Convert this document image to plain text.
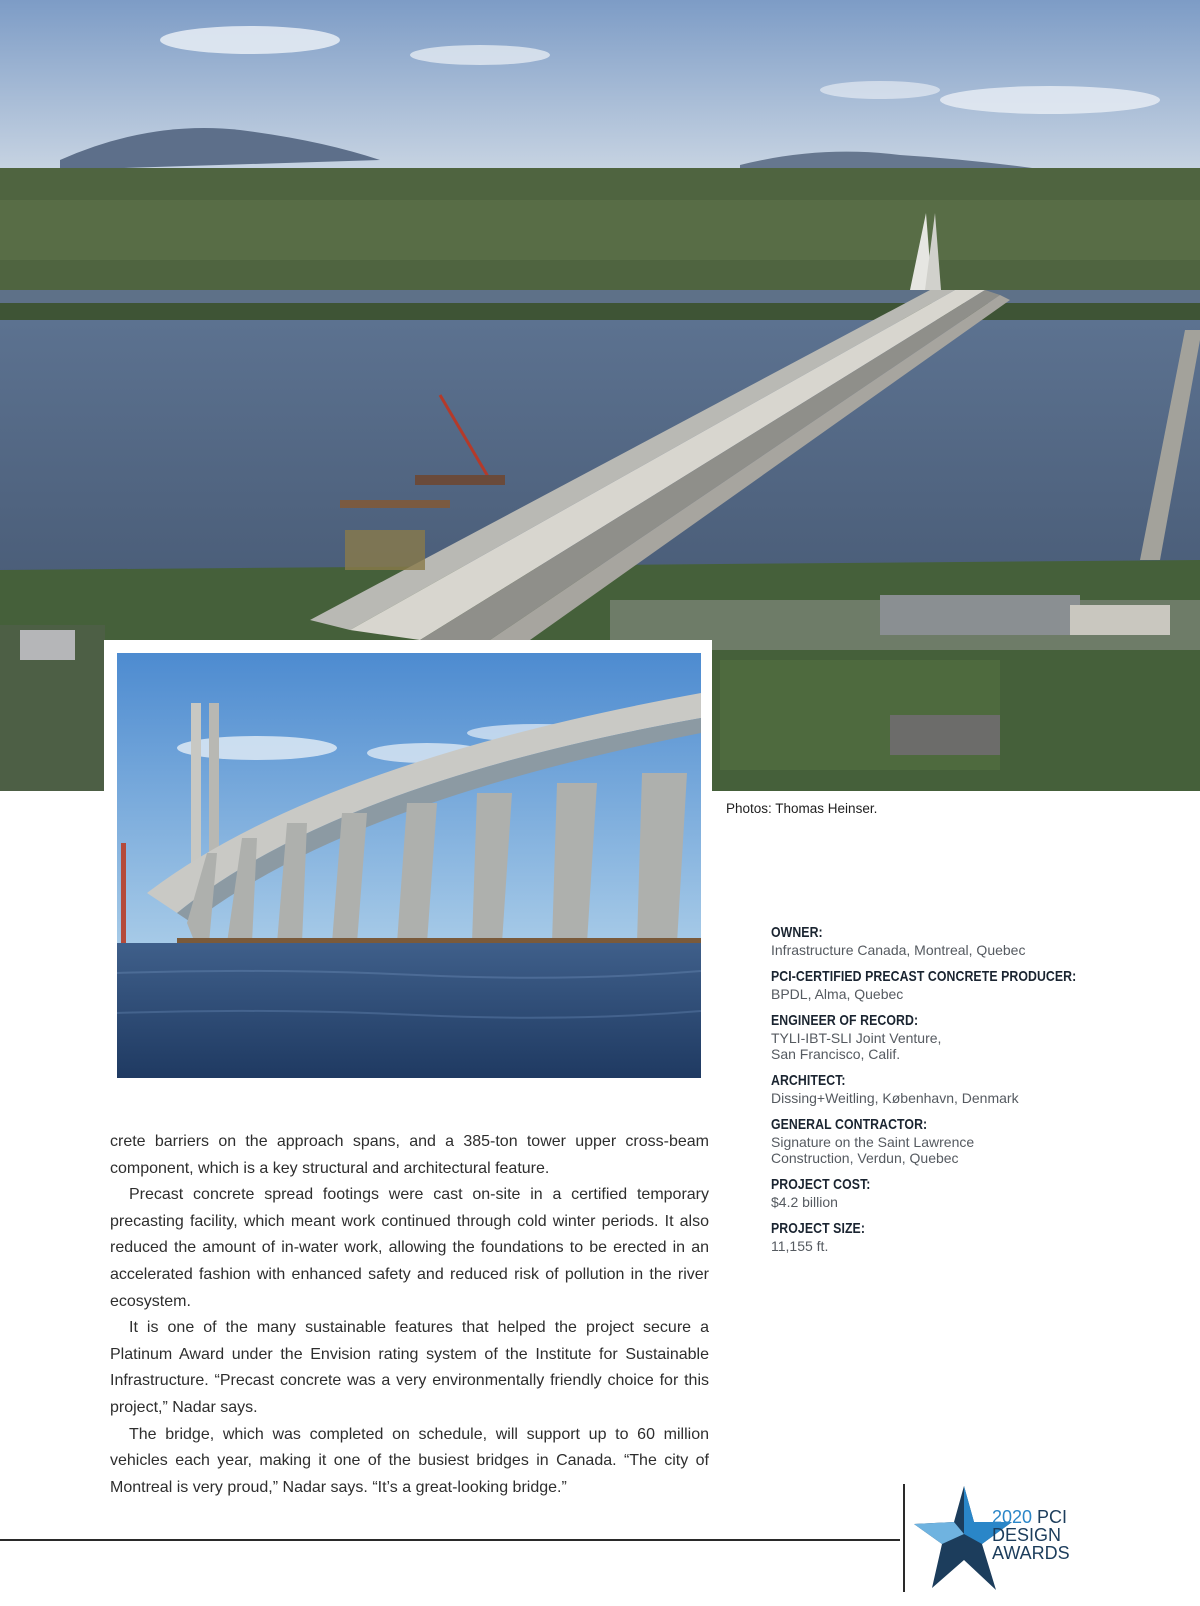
Photos: Thomas Heinser.
OWNER:
Infrastructure Canada, Montreal, Quebec
PCI-CERTIFIED PRECAST CONCRETE PRODUCER:
BPDL, Alma, Quebec
ENGINEER OF RECORD:
TYLI-IBT-SLI Joint Venture,
San Francisco, Calif.
ARCHITECT:
Dissing+Weitling, København, Denmark
GENERAL CONTRACTOR:
Signature on the Saint Lawrence
Construction, Verdun, Quebec
PROJECT COST:
$4.2 billion
PROJECT SIZE:
11,155 ft.

crete barriers on the approach spans, and a 385-ton tower upper cross-beam component, which is a key structural and architectural feature.

Precast concrete spread footings were cast on-site in a certified temporary precasting facility, which meant work continued through cold winter periods. It also reduced the amount of in-water work, allowing the foundations to be erected in an accelerated fashion with enhanced safety and reduced risk of pollution in the river ecosystem.

It is one of the many sustainable features that helped the project secure a Platinum Award under the Envision rating system of the Institute for Sustainable Infrastructure. “Precast concrete was a very environmentally friendly choice for this project,” Nadar says.

The bridge, which was completed on schedule, will support up to 60 million vehicles each year, making it one of the busiest bridges in Canada. “The city of Montreal is very proud,” Nadar says. “It’s a great-looking bridge.”

2020 PCI
DESIGN
AWARDS
